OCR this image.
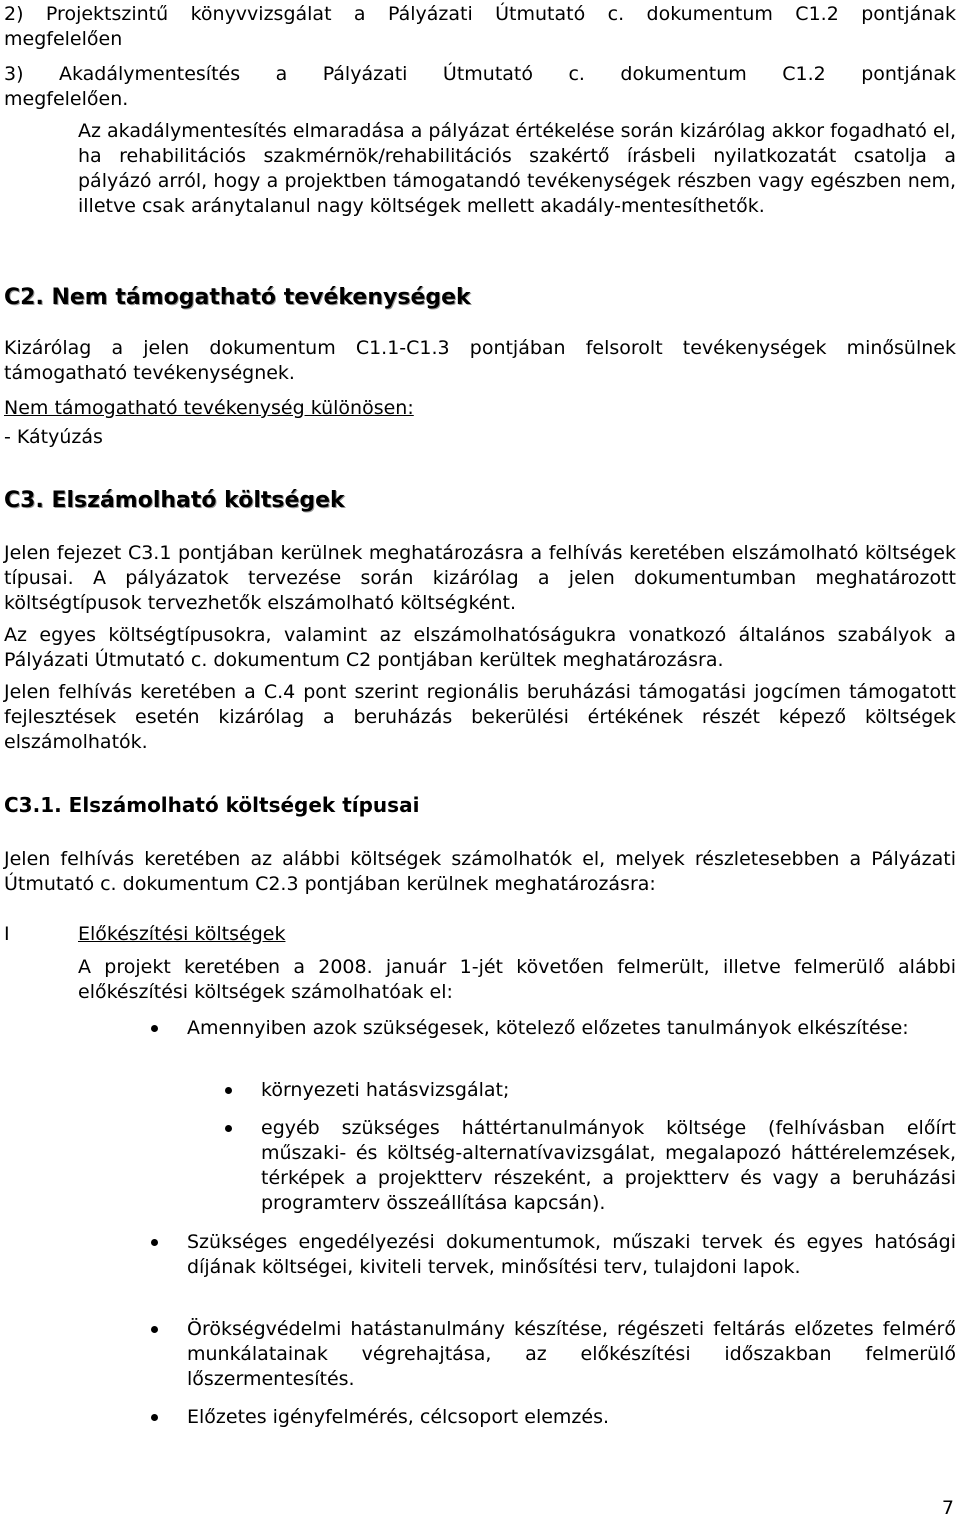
2) Projektszintű könyvvizsgálat a Pályázati Útmutató c. dokumentum C1.2 pontjának
megfelelően
3) Akadálymentesítés a Pályázati Útmutató c. dokumentum C1.2 pontjának
megfelelően.

Az akadálymentesítés elmaradása a pályázat értékelése során kizárólag akkor fogadható el, ha rehabilitációs szakmérnök/rehabilitációs szakértő írásbeli nyilatkozatát csatolja a pályázó arról, hogy a projektben támogatandó tevékenységek részben vagy egészben nem, illetve csak aránytalanul nagy költségek mellett akadály-mentesíthetők.

C2. Nem támogatható tevékenységek

Kizárólag a jelen dokumentum C1.1-C1.3 pontjában felsorolt tevékenységek minősülnek támogatható tevékenységnek.

Nem támogatható tevékenység különösen:

- Kátyúzás

C3. Elszámolható költségek

Jelen fejezet C3.1 pontjában kerülnek meghatározásra a felhívás keretében elszámolható költségek típusai. A pályázatok tervezése során kizárólag a jelen dokumentumban meghatározott költségtípusok tervezhetők elszámolható költségként.

Az egyes költségtípusokra, valamint az elszámolhatóságukra vonatkozó általános szabályok a Pályázati Útmutató c. dokumentum C2 pontjában kerültek meghatározásra.

Jelen felhívás keretében a C.4 pont szerint regionális beruházási támogatási jogcímen támogatott fejlesztések esetén kizárólag a beruházás bekerülési értékének részét képező költségek elszámolhatók.

C3.1. Elszámolható költségek típusai

Jelen felhívás keretében az alábbi költségek számolhatók el, melyek részletesebben a Pályázati Útmutató c. dokumentum C2.3 pontjában kerülnek meghatározásra:

I	Előkészítési költségek

A projekt keretében a 2008. január 1-jét követően felmerült, illetve felmerülő alábbi előkészítési költségek számolhatóak el:

Amennyiben azok szükségesek, kötelező előzetes tanulmányok elkészítése:

környezeti hatásvizsgálat;

egyéb szükséges háttértanulmányok költsége (felhívásban előírt műszaki- és költség-alternatívavizsgálat, megalapozó háttérelemzések, térképek a projektterv részeként, a projektterv és vagy a beruházási programterv összeállítása kapcsán).

Szükséges engedélyezési dokumentumok, műszaki tervek és egyes hatósági díjának költségei, kiviteli tervek, minősítési terv, tulajdoni lapok.

Örökségvédelmi hatástanulmány készítése, régészeti feltárás előzetes felmérő munkálatainak végrehajtása, az előkészítési időszakban felmerülő lőszermentesítés.

Előzetes igényfelmérés, célcsoport elemzés.

7
